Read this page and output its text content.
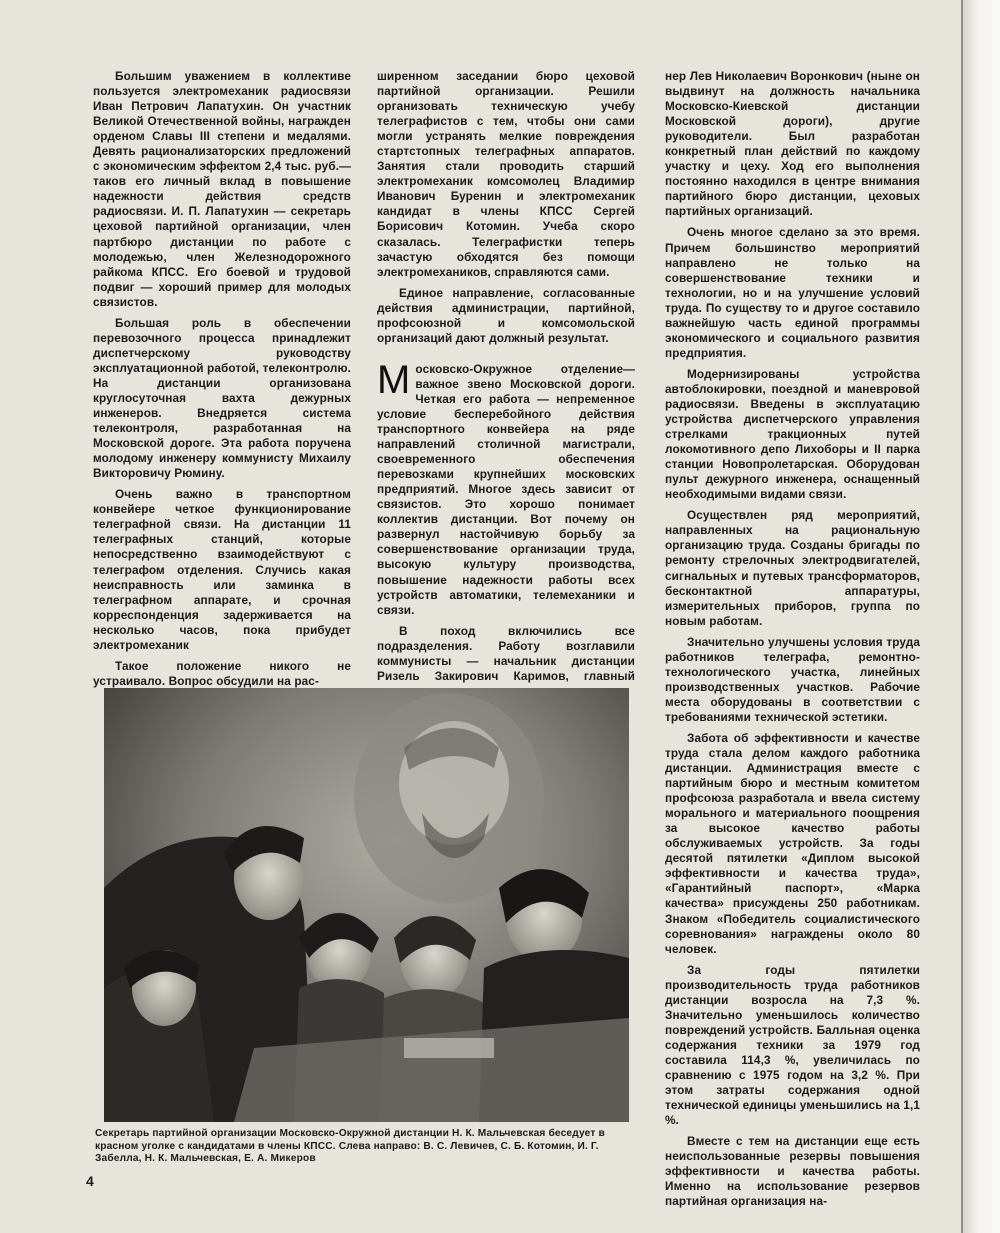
Большим уважением в коллективе пользуется электромеханик радиосвязи Иван Петрович Лапатухин. Он участник Великой Отечественной войны, награжден орденом Славы III степени и медалями. Девять рационализаторских предложений с экономическим эффектом 2,4 тыс. руб.— таков его личный вклад в повышение надежности действия средств радиосвязи. И. П. Лапатухин — секретарь цеховой партийной организации, член партбюро дистанции по работе с молодежью, член Железнодорожного райкома КПСС. Его боевой и трудовой подвиг — хороший пример для молодых связистов.

Большая роль в обеспечении перевозочного процесса принадлежит диспетчерскому руководству эксплуатационной работой, телеконтролю. На дистанции организована круглосуточная вахта дежурных инженеров. Внедряется система телеконтроля, разработанная на Московской дороге. Эта работа поручена молодому инженеру коммунисту Михаилу Викторовичу Рюмину.

Очень важно в транспортном конвейере четкое функционирование телеграфной связи. На дистанции 11 телеграфных станций, которые непосредственно взаимодействуют с телеграфом отделения. Случись какая неисправность или заминка в телеграфном аппарате, и срочная корреспонденция задерживается на несколько часов, пока прибудет электромеханик

Такое положение никого не устраивало. Вопрос обсудили на рас-

ширенном заседании бюро цеховой партийной организации. Решили организовать техническую учебу телеграфистов с тем, чтобы они сами могли устранять мелкие повреждения стартстопных телеграфных аппаратов. Занятия стали проводить старший электромеханик комсомолец Владимир Иванович Буренин и электромеханик кандидат в члены КПСС Сергей Борисович Котомин. Учеба скоро сказалась. Телеграфистки теперь зачастую обходятся без помощи электромехаников, справляются сами.

Единое направление, согласованные действия администрации, партийной, профсоюзной и комсомольской организаций дают должный результат.

Московско-Окружное отделение— важное звено Московской дороги. Четкая его работа — непременное условие бесперебойного действия транспортного конвейера на ряде направлений столичной магистрали, своевременного обеспечения перевозками крупнейших московских предприятий. Многое здесь зависит от связистов. Это хорошо понимает коллектив дистанции. Вот почему он развернул настойчивую борьбу за совершенствование организации труда, высокую культуру производства, повышение надежности работы всех устройств автоматики, телемеханики и связи.

В поход включились все подразделения. Работу возглавили коммунисты — начальник дистанции Ризель Закирович Каримов, главный

нер Лев Николаевич Воронкович (ныне он выдвинут на должность начальника Московско-Киевской дистанции Московской дороги), другие руководители. Был разработан конкретный план действий по каждому участку и цеху. Ход его выполнения постоянно находился в центре внимания партийного бюро дистанции, цеховых партийных организаций.

Очень многое сделано за это время. Причем большинство мероприятий направлено не только на совершенствование техники и технологии, но и на улучшение условий труда. По существу то и другое составило важнейшую часть единой программы экономического и социального развития предприятия.

Модернизированы устройства автоблокировки, поездной и маневровой радиосвязи. Введены в эксплуатацию устройства диспетчерского управления стрелками тракционных путей локомотивного депо Лихоборы и II парка станции Новопролетарская. Оборудован пульт дежурного инженера, оснащенный необходимыми видами связи.

Осуществлен ряд мероприятий, направленных на рациональную организацию труда. Созданы бригады по ремонту стрелочных электродвигателей, сигнальных и путевых трансформаторов, бесконтактной аппаратуры, измерительных приборов, группа по новым работам.

Значительно улучшены условия труда работников телеграфа, ремонтно-технологического участка, линейных производственных участков. Рабочие места оборудованы в соответствии с требованиями технической эстетики.

Забота об эффективности и качестве труда стала делом каждого работника дистанции. Администрация вместе с партийным бюро и местным комитетом профсоюза разработала и ввела систему морального и материального поощрения за высокое качество работы обслуживаемых устройств. За годы десятой пятилетки «Диплом высокой эффективности и качества труда», «Гарантийный паспорт», «Марка качества» присуждены 250 работникам. Знаком «Победитель социалистического соревнования» награждены около 80 человек.

За годы пятилетки производительность труда работников дистанции возросла на 7,3 %. Значительно уменьшилось количество повреждений устройств. Балльная оценка содержания техники за 1979 год составила 114,3 %, увеличилась по сравнению с 1975 годом на 3,2 %. При этом затраты содержания одной технической единицы уменьшились на 1,1 %.

Вместе с тем на дистанции еще есть неиспользованные резервы повышения эффективности и качества работы. Именно на использование резервов партийная организация на-

Секретарь партийной организации Московско-Окружной дистанции Н. К. Мальчевская беседует в красном уголке с кандидатами в члены КПСС. Слева направо: В. С. Левичев, С. Б. Котомин, И. Г. Забелла, Н. К. Мальчевская, Е. А. Микеров
4
